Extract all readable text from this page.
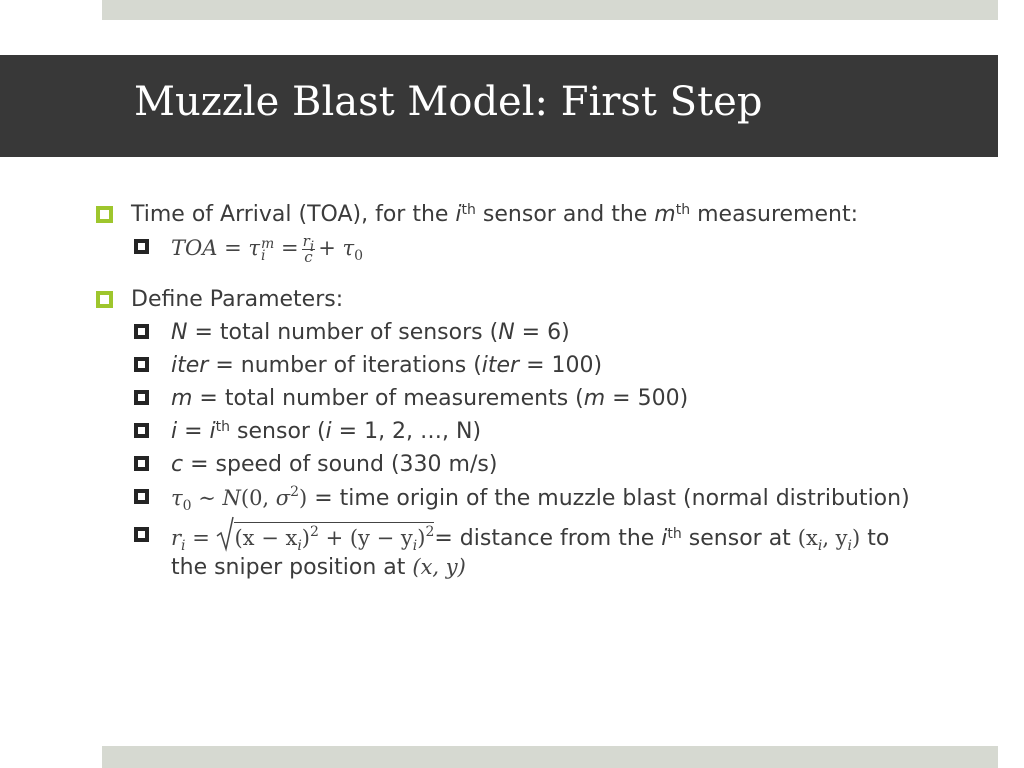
Muzzle Blast Model: First Step
Time of Arrival (TOA), for the $i^{th}$ sensor and the $m^{th}$ measurement:
TOA = τ m
$i = \frac{ri}{c} + \tau_0$
Define Parameters:
N = total number of sensors (N = 6)
iter = number of iterations (iter = 100)
m = total number of measurements (m = 500)
$i = i^{th}$ sensor (i = 1, 2, …, N)
c = speed of sound (330 m/s)
$\tau_0$ ∼ N(0, $\sigma^2$) = time origin of the muzzle blast (normal distribution)
$r_i$ =
$(x - x_i)^2 + (y - y_i)^2=$ distance from the $i^{th}$ sensor at ($x_i$, $y_i$) to the sniper position at (x, y)
